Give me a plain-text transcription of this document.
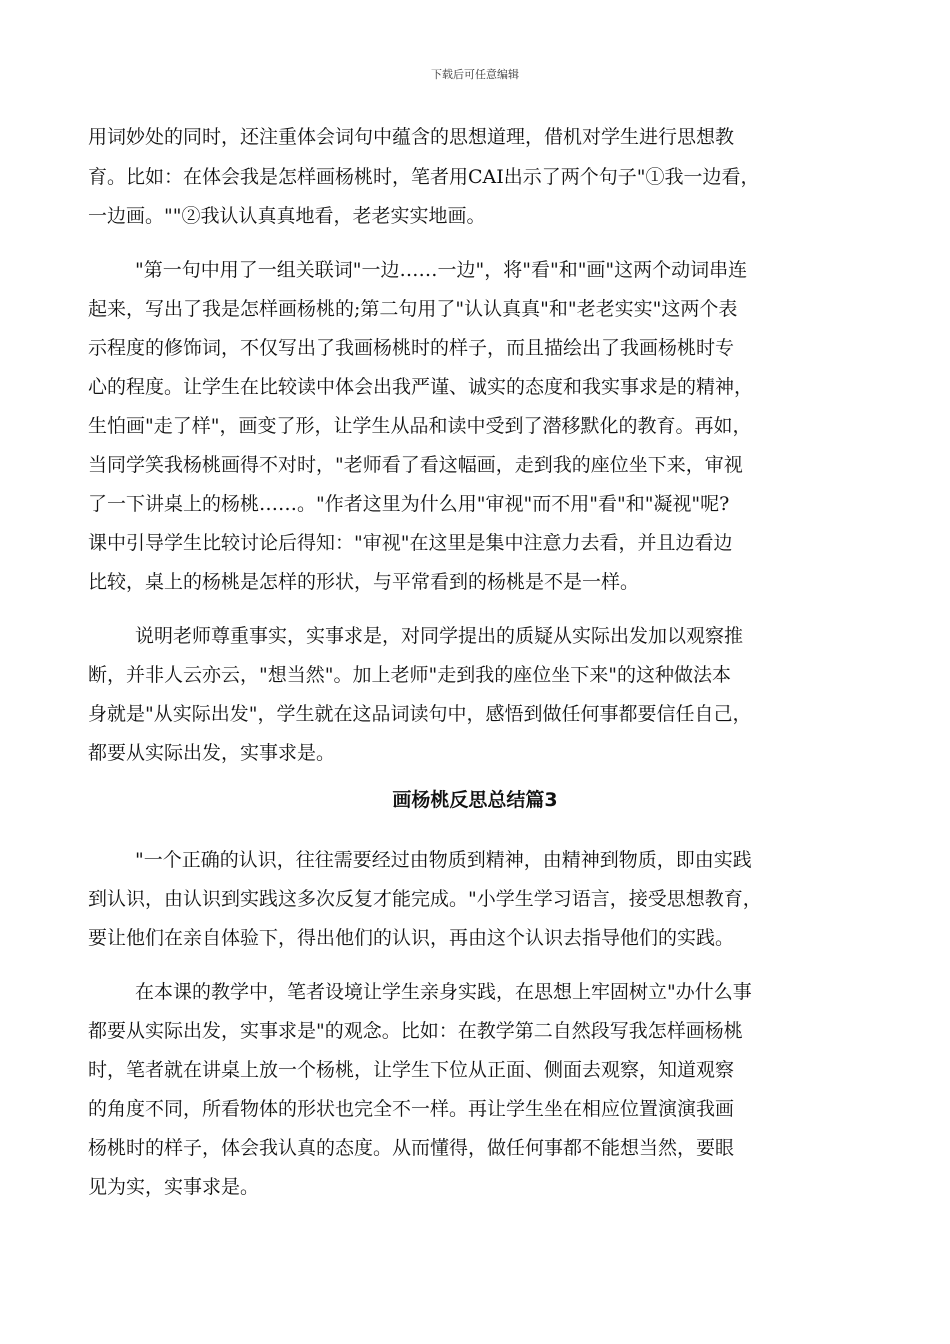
下载后可任意编辑
用词妙处的同时，还注重体会词句中蕴含的思想道理，借机对学生进行思想教
育。比如：在体会我是怎样画杨桃时，笔者用CAI出示了两个句子"①我一边看，
一边画。""②我认认真真地看，老老实实地画。
"第一句中用了一组关联词"一边……一边"，将"看"和"画"这两个动词串连
起来，写出了我是怎样画杨桃的;第二句用了"认认真真"和"老老实实"这两个表
示程度的修饰词，不仅写出了我画杨桃时的样子，而且描绘出了我画杨桃时专
心的程度。让学生在比较读中体会出我严谨、诚实的态度和我实事求是的精神，
生怕画"走了样"，画变了形，让学生从品和读中受到了潜移默化的教育。再如，
当同学笑我杨桃画得不对时，"老师看了看这幅画，走到我的座位坐下来，审视
了一下讲桌上的杨桃……。"作者这里为什么用"审视"而不用"看"和"凝视"呢?
课中引导学生比较讨论后得知："审视"在这里是集中注意力去看，并且边看边
比较，桌上的杨桃是怎样的形状，与平常看到的杨桃是不是一样。
说明老师尊重事实，实事求是，对同学提出的质疑从实际出发加以观察推
断，并非人云亦云，"想当然"。加上老师"走到我的座位坐下来"的这种做法本
身就是"从实际出发"，学生就在这品词读句中，感悟到做任何事都要信任自己，
都要从实际出发，实事求是。
画杨桃反思总结篇3
"一个正确的认识，往往需要经过由物质到精神，由精神到物质，即由实践
到认识，由认识到实践这多次反复才能完成。"小学生学习语言，接受思想教育，
要让他们在亲自体验下，得出他们的认识，再由这个认识去指导他们的实践。
在本课的教学中，笔者设境让学生亲身实践，在思想上牢固树立"办什么事
都要从实际出发，实事求是"的观念。比如：在教学第二自然段写我怎样画杨桃
时，笔者就在讲桌上放一个杨桃，让学生下位从正面、侧面去观察，知道观察
的角度不同，所看物体的形状也完全不一样。再让学生坐在相应位置演演我画
杨桃时的样子，体会我认真的态度。从而懂得，做任何事都不能想当然，要眼
见为实，实事求是。
